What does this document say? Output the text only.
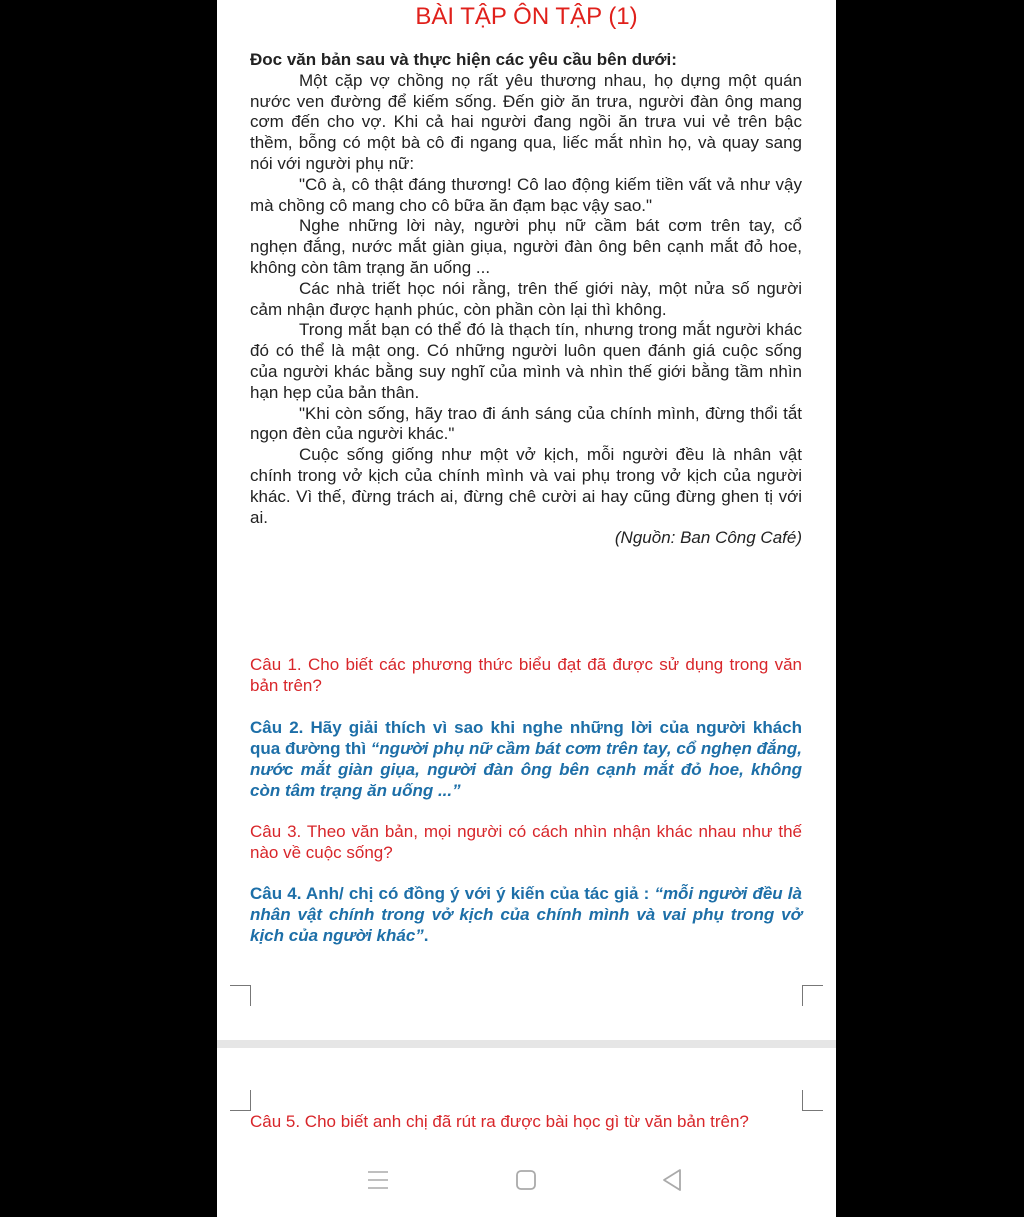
BÀI TẬP ÔN TẬP (1)

Đoc văn bản sau và thực hiện các yêu cầu bên dưới:

Một cặp vợ chồng nọ rất yêu thương nhau, họ dựng một quán nước ven đường để kiếm sống. Đến giờ ăn trưa, người đàn ông mang cơm đến cho vợ. Khi cả hai người đang ngồi ăn trưa vui vẻ trên bậc thềm, bỗng có một bà cô đi ngang qua, liếc mắt nhìn họ, và quay sang nói với người phụ nữ:

"Cô à, cô thật đáng thương! Cô lao động kiếm tiền vất vả như vậy mà chồng cô mang cho cô bữa ăn đạm bạc vậy sao."

Nghe những lời này, người phụ nữ cầm bát cơm trên tay, cổ nghẹn đắng, nước mắt giàn giụa, người đàn ông bên cạnh mắt đỏ hoe, không còn tâm trạng ăn uống ...

Các nhà triết học nói rằng, trên thế giới này, một nửa số người cảm nhận được hạnh phúc, còn phần còn lại thì không.

Trong mắt bạn có thể đó là thạch tín, nhưng trong mắt người khác đó có thể là mật ong. Có những người luôn quen đánh giá cuộc sống của người khác bằng suy nghĩ của mình và nhìn thế giới bằng tầm nhìn hạn hẹp của bản thân.

"Khi còn sống, hãy trao đi ánh sáng của chính mình, đừng thổi tắt ngọn đèn của người khác."

Cuộc sống giống như một vở kịch, mỗi người đều là nhân vật chính trong vở kịch của chính mình và vai phụ trong vở kịch của người khác. Vì thế, đừng trách ai, đừng chê cười ai hay cũng đừng ghen tị với ai.

(Nguồn: Ban Công Café)

Câu 1. Cho biết các phương thức biểu đạt đã được sử dụng trong văn bản trên?

Câu 2. Hãy giải thích vì sao khi nghe những lời của người khách qua đường thì “người phụ nữ cầm bát cơm trên tay, cổ nghẹn đắng, nước mắt giàn giụa, người đàn ông bên cạnh mắt đỏ hoe, không còn tâm trạng ăn uống ...”

Câu 3. Theo văn bản, mọi người có cách nhìn nhận khác nhau như thế nào về cuộc sống?

Câu 4. Anh/ chị có đồng ý với ý kiến của tác giả : “mỗi người đều là nhân vật chính trong vở kịch của chính mình và vai phụ trong vở kịch của người khác”.

Câu 5. Cho biết anh chị đã rút ra được bài học gì từ văn bản trên?
